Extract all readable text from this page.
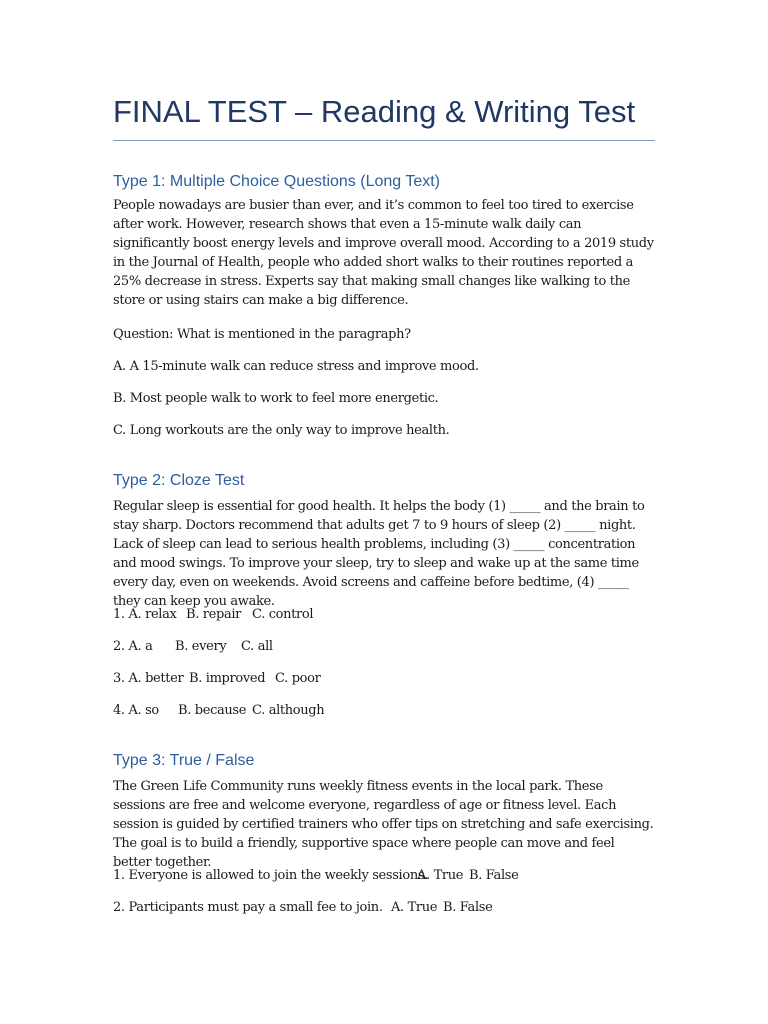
FINAL TEST – Reading & Writing Test
Type 1: Multiple Choice Questions (Long Text)

People nowadays are busier than ever, and it’s common to feel too tired to exercise after work. However, research shows that even a 15-minute walk daily can significantly boost energy levels and improve overall mood. According to a 2019 study in the Journal of Health, people who added short walks to their routines reported a 25% decrease in stress. Experts say that making small changes like walking to the store or using stairs can make a big difference.

Question: What is mentioned in the paragraph?

A. A 15-minute walk can reduce stress and improve mood.

B. Most people walk to work to feel more energetic.

C. Long workouts are the only way to improve health.

Type 2: Cloze Test

Regular sleep is essential for good health. It helps the body (1) _____ and the brain to stay sharp. Doctors recommend that adults get 7 to 9 hours of sleep (2) _____ night. Lack of sleep can lead to serious health problems, including (3) _____ concentration and mood swings. To improve your sleep, try to sleep and wake up at the same time every day, even on weekends. Avoid screens and caffeine before bedtime, (4) _____ they can keep you awake.

1. A. relax B. repair C. control
2. A. a B. every C. all
3. A. better B. improved C. poor
4. A. so B. because C. although
Type 3: True / False

The Green Life Community runs weekly fitness events in the local park. These sessions are free and welcome everyone, regardless of age or fitness level. Each session is guided by certified trainers who offer tips on stretching and safe exercising. The goal is to build a friendly, supportive space where people can move and feel better together.

1. Everyone is allowed to join the weekly sessions.A. True B. False
2. Participants must pay a small fee to join. A. True B. False
